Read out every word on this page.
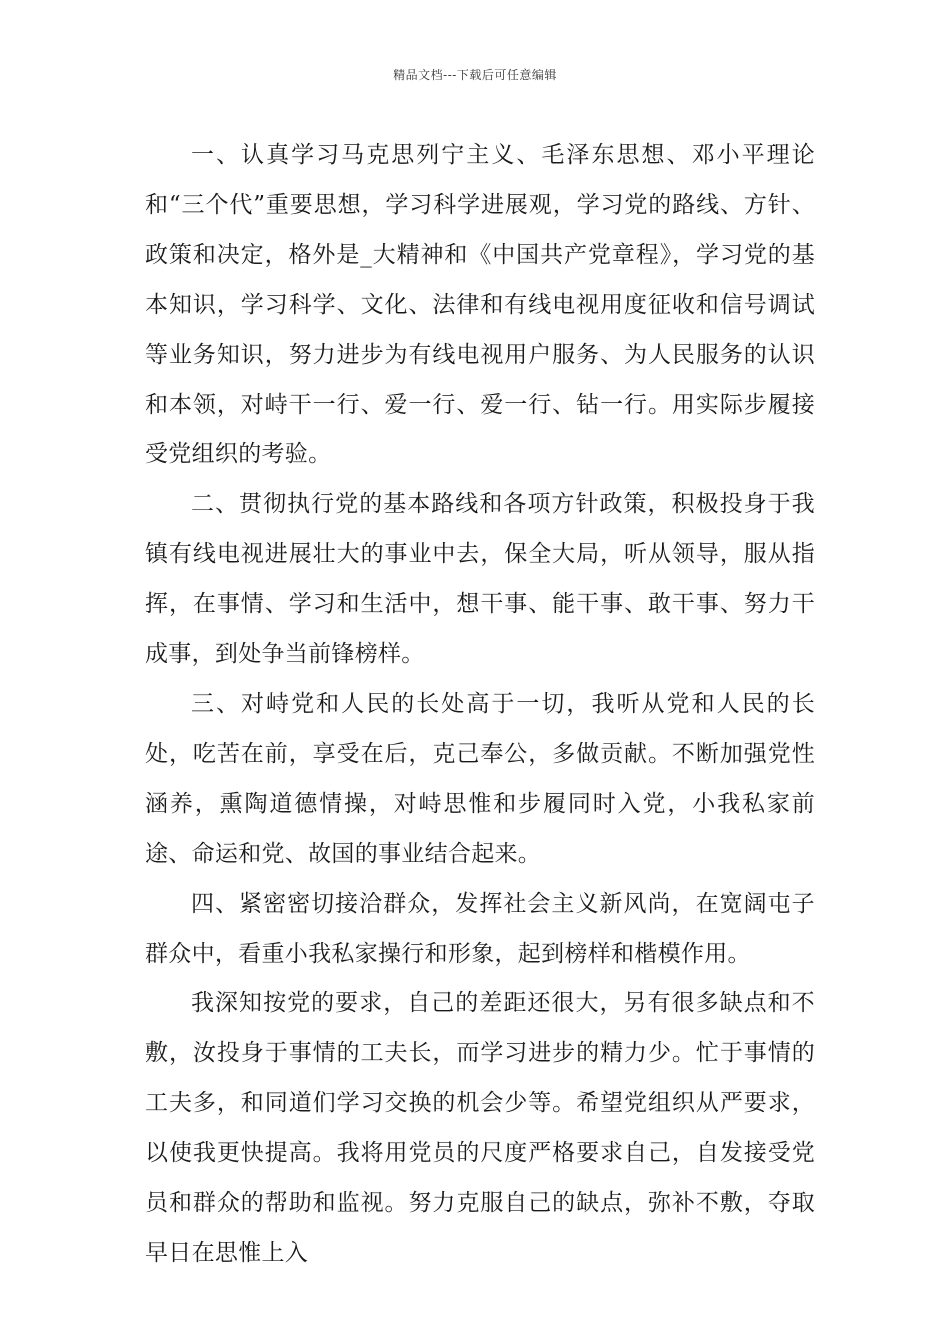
精品文档---下载后可任意编辑

一、认真学习马克思列宁主义、毛泽东思想、邓小平理论和“三个代”重要思想，学习科学进展观，学习党的路线、方针、政策和决定，格外是_大精神和《中国共产党章程》，学习党的基本知识，学习科学、文化、法律和有线电视用度征收和信号调试等业务知识，努力进步为有线电视用户服务、为人民服务的认识和本领，对峙干一行、爱一行、爱一行、钻一行。用实际步履接受党组织的考验。

二、贯彻执行党的基本路线和各项方针政策，积极投身于我镇有线电视进展壮大的事业中去，保全大局，听从领导，服从指挥，在事情、学习和生活中，想干事、能干事、敢干事、努力干成事，到处争当前锋榜样。

三、对峙党和人民的长处高于一切，我听从党和人民的长处，吃苦在前，享受在后，克己奉公，多做贡献。不断加强党性涵养，熏陶道德情操，对峙思惟和步履同时入党，小我私家前途、命运和党、故国的事业结合起来。

四、紧密密切接洽群众，发挥社会主义新风尚，在宽阔屯子群众中，看重小我私家操行和形象，起到榜样和楷模作用。

我深知按党的要求，自己的差距还很大，另有很多缺点和不敷，汝投身于事情的工夫长，而学习进步的精力少。忙于事情的工夫多，和同道们学习交换的机会少等。希望党组织从严要求，以使我更快提高。我将用党员的尺度严格要求自己，自发接受党员和群众的帮助和监视。努力克服自己的缺点，弥补不敷，夺取早日在思惟上入
